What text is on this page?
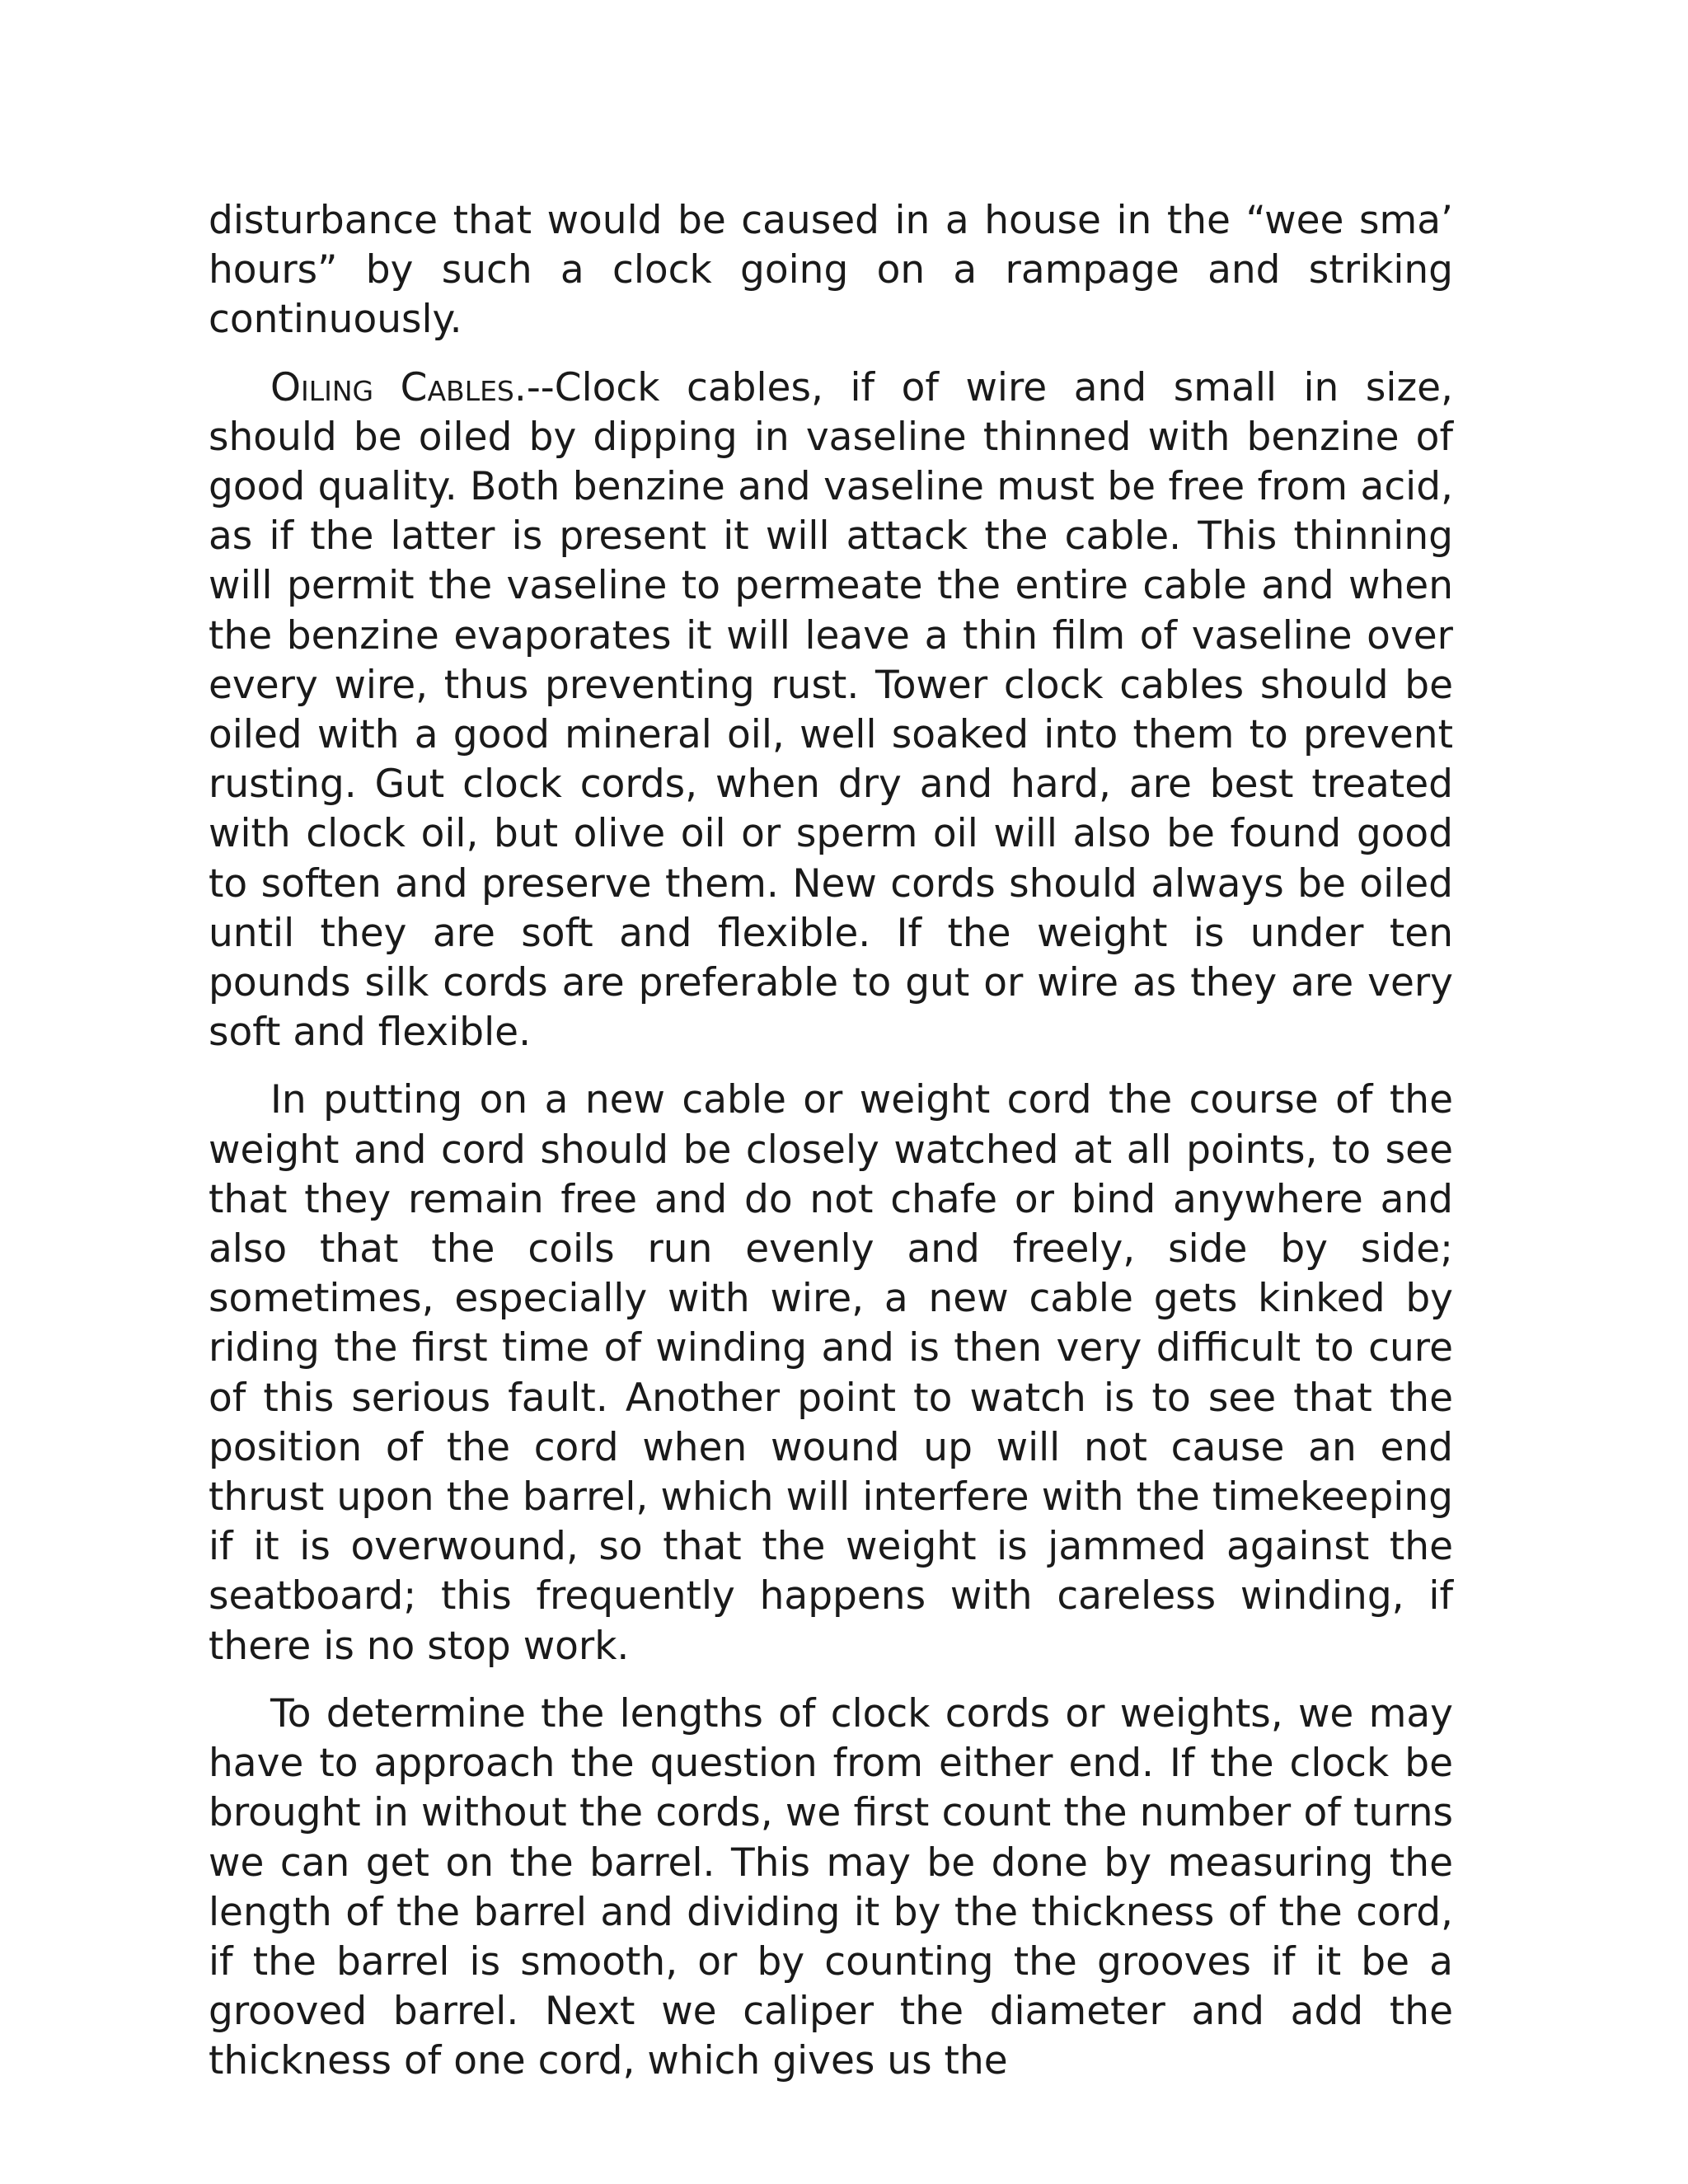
disturbance that would be caused in a house in the “wee sma’ hours” by such a clock going on a rampage and striking continuously.

Oiling Cables.--Clock cables, if of wire and small in size, should be oiled by dipping in vaseline thinned with benzine of good quality. Both benzine and vaseline must be free from acid, as if the latter is present it will attack the cable. This thinning will permit the vaseline to permeate the entire cable and when the benzine evaporates it will leave a thin film of vaseline over every wire, thus preventing rust. Tower clock cables should be oiled with a good mineral oil, well soaked into them to prevent rusting. Gut clock cords, when dry and hard, are best treated with clock oil, but olive oil or sperm oil will also be found good to soften and preserve them. New cords should always be oiled until they are soft and flexible. If the weight is under ten pounds silk cords are preferable to gut or wire as they are very soft and flexible.

In putting on a new cable or weight cord the course of the weight and cord should be closely watched at all points, to see that they remain free and do not chafe or bind anywhere and also that the coils run evenly and freely, side by side; sometimes, especially with wire, a new cable gets kinked by riding the first time of winding and is then very difficult to cure of this serious fault. Another point to watch is to see that the position of the cord when wound up will not cause an end thrust upon the barrel, which will interfere with the timekeeping if it is overwound, so that the weight is jammed against the seatboard; this frequently happens with careless winding, if there is no stop work.

To determine the lengths of clock cords or weights, we may have to approach the question from either end. If the clock be brought in without the cords, we first count the number of turns we can get on the barrel. This may be done by measuring the length of the barrel and dividing it by the thickness of the cord, if the barrel is smooth, or by counting the grooves if it be a grooved barrel. Next we caliper the diameter and add the thickness of one cord, which gives us the
